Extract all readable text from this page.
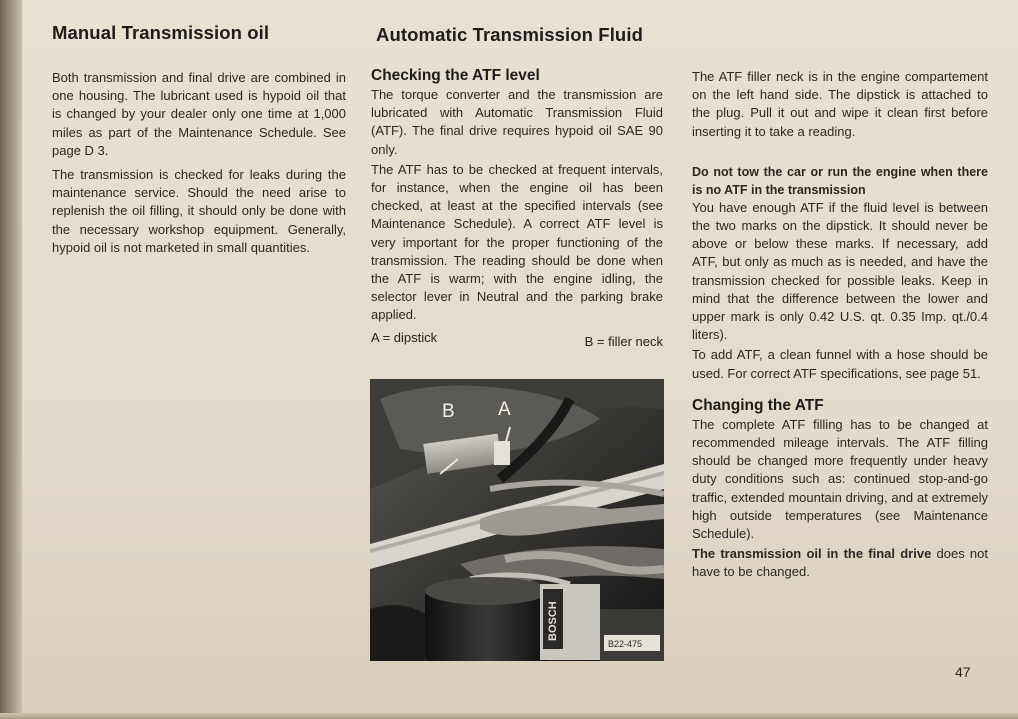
Manual Transmission oil	Automatic Transmission Fluid

Both transmission and final drive are combined in one housing. The lubricant used is hypoid oil that is changed by your dealer only one time at 1,000 miles as part of the Maintenance Schedule. See page D 3.

The transmission is checked for leaks during the maintenance service. Should the need arise to replenish the oil filling, it should only be done with the necessary workshop equipment. Generally, hypoid oil is not marketed in small quantities.

Checking the ATF level

The torque converter and the transmission are lubricated with Automatic Transmission Fluid (ATF). The final drive requires hypoid oil SAE 90 only.

The ATF has to be checked at frequent intervals, for instance, when the engine oil has been checked, at least at the specified intervals (see Maintenance Schedule). A correct ATF level is very important for the proper functioning of the transmission. The reading should be done when the ATF is warm; with the engine idling, the selector lever in Neutral and the parking brake applied.

A = dipstick	B = filler neck
B A
BOSCH
B22-475

The ATF filler neck is in the engine compartement on the left hand side. The dipstick is attached to the plug. Pull it out and wipe it clean first before inserting it to take a reading.

Do not tow the car or run the engine when there is no ATF in the transmission

You have enough ATF if the fluid level is between the two marks on the dipstick. It should never be above or below these marks. If necessary, add ATF, but only as much as is needed, and have the transmission checked for possible leaks. Keep in mind that the difference between the lower and upper mark is only 0.42 U.S. qt. 0.35 Imp. qt./0.4 liters).

To add ATF, a clean funnel with a hose should be used. For correct ATF specifications, see page 51.

Changing the ATF

The complete ATF filling has to be changed at recommended mileage intervals. The ATF filling should be changed more frequently under heavy duty conditions such as: continued stop-and-go traffic, extended mountain driving, and at extremely high outside temperatures (see Maintenance Schedule).

The transmission oil in the final drive does not have to be changed.

47
